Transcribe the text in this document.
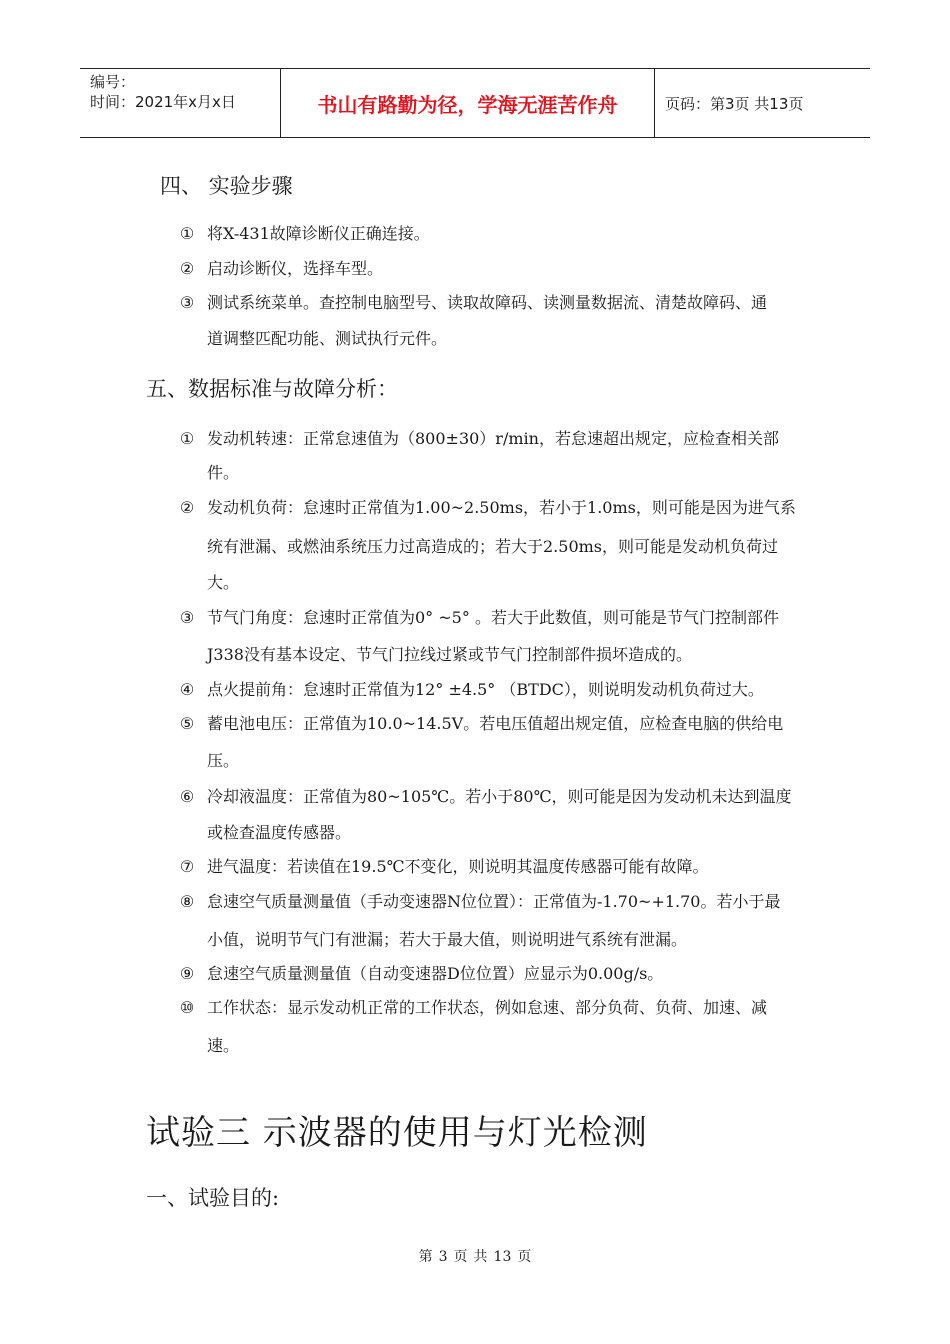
编号：
时间：2021年x月x日	书山有路勤为径，学海无涯苦作舟	页码：第3页 共13页
四、 实验步骤
① 将X-431故障诊断仪正确连接。
② 启动诊断仪，选择车型。
③ 测试系统菜单。查控制电脑型号、读取故障码、读测量数据流、清楚故障码、通
道调整匹配功能、测试执行元件。
五、数据标准与故障分析：
① 发动机转速：正常怠速值为（800±30）r/min，若怠速超出规定，应检查相关部
件。
② 发动机负荷：怠速时正常值为1.00~2.50ms，若小于1.0ms，则可能是因为进气系
统有泄漏、或燃油系统压力过高造成的；若大于2.50ms，则可能是发动机负荷过
大。
③ 节气门角度：怠速时正常值为0° ~5° 。若大于此数值，则可能是节气门控制部件
J338没有基本设定、节气门拉线过紧或节气门控制部件损坏造成的。
④ 点火提前角：怠速时正常值为12° ±4.5° （BTDC），则说明发动机负荷过大。
⑤ 蓄电池电压：正常值为10.0~14.5V。若电压值超出规定值，应检查电脑的供给电
压。
⑥ 冷却液温度：正常值为80~105℃。若小于80℃，则可能是因为发动机未达到温度
或检查温度传感器。
⑦ 进气温度：若读值在19.5℃不变化，则说明其温度传感器可能有故障。
⑧ 怠速空气质量测量值（手动变速器N位位置）：正常值为-1.70~+1.70。若小于最
小值，说明节气门有泄漏；若大于最大值，则说明进气系统有泄漏。
⑨ 怠速空气质量测量值（自动变速器D位位置）应显示为0.00g/s。
⑩ 工作状态：显示发动机正常的工作状态，例如怠速、部分负荷、负荷、加速、减
速。
试验三 示波器的使用与灯光检测
一、试验目的:
第 3 页 共 13 页
